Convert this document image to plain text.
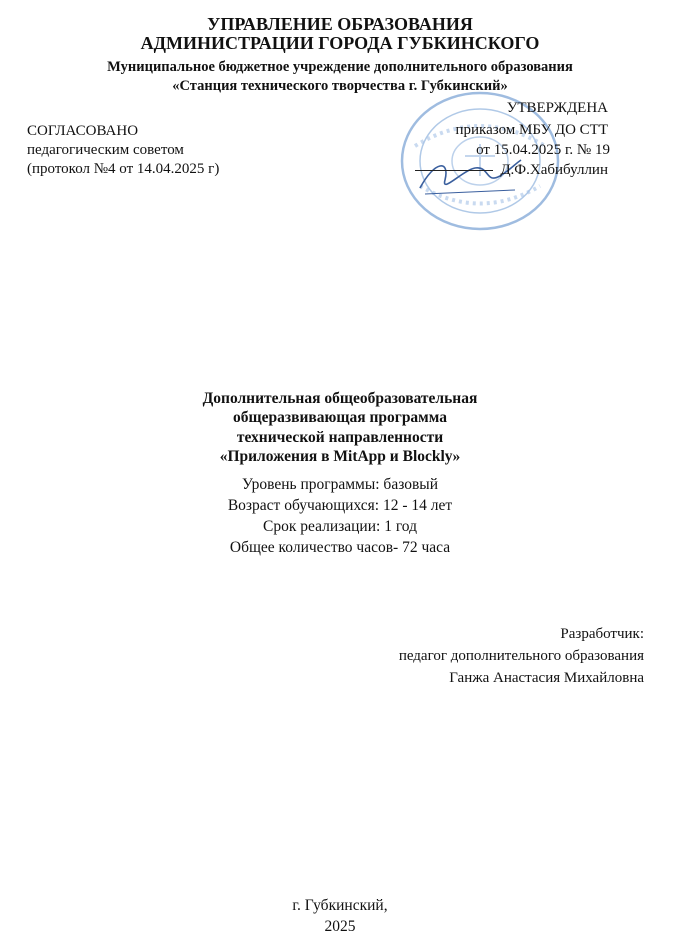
УПРАВЛЕНИЕ ОБРАЗОВАНИЯ
АДМИНИСТРАЦИИ ГОРОДА ГУБКИНСКОГО
Муниципальное бюджетное учреждение дополнительного образования
«Станция технического творчества г. Губкинский»
СОГЛАСОВАНО
педагогическим советом
(протокол №4 от 14.04.2025 г)
УТВЕРЖДЕНА
приказом МБУ ДО СТТ
от 15.04.2025 г. № 19
Д.Ф.Хабибуллин
Дополнительная общеобразовательная
общеразвивающая программа
технической направленности
«Приложения в MitApp и Blockly»
Уровень программы: базовый
Возраст обучающихся: 12 - 14 лет
Срок реализации: 1 год
Общее количество часов- 72 часа
Разработчик:
педагог дополнительного образования
Ганжа Анастасия Михайловна
г. Губкинский,
2025
